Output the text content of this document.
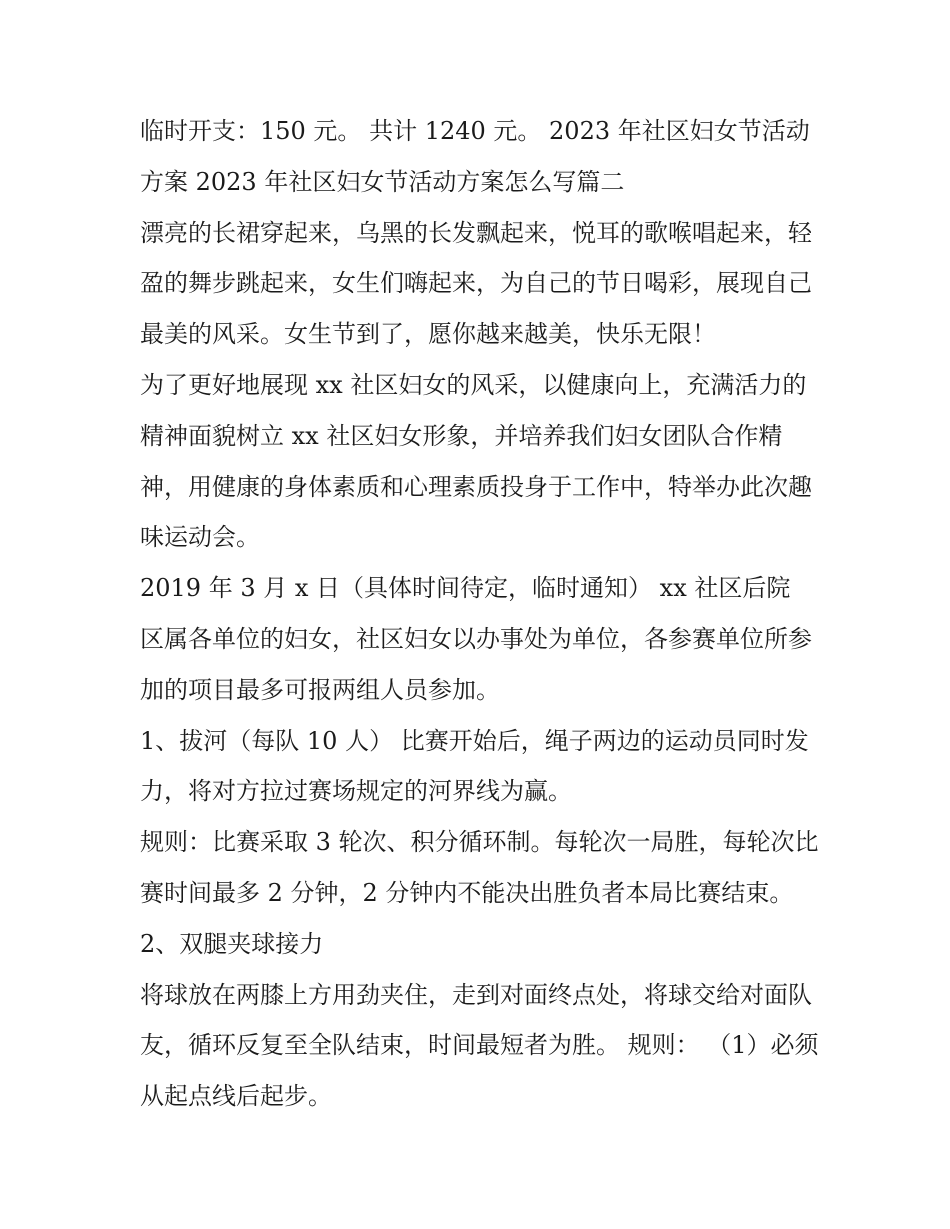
临时开支：150 元。 共计 1240 元。 2023 年社区妇女节活动方案 2023 年社区妇女节活动方案怎么写篇二

漂亮的长裙穿起来，乌黑的长发飘起来，悦耳的歌喉唱起来，轻盈的舞步跳起来，女生们嗨起来，为自己的节日喝彩，展现自己最美的风采。女生节到了，愿你越来越美，快乐无限！

为了更好地展现 xx 社区妇女的风采，以健康向上，充满活力的精神面貌树立 xx 社区妇女形象，并培养我们妇女团队合作精神，用健康的身体素质和心理素质投身于工作中，特举办此次趣味运动会。

2019 年 3 月 x 日（具体时间待定，临时通知） xx 社区后院 区属各单位的妇女，社区妇女以办事处为单位，各参赛单位所参加的项目最多可报两组人员参加。

1、拔河（每队 10 人） 比赛开始后，绳子两边的运动员同时发力，将对方拉过赛场规定的河界线为赢。

规则：比赛采取 3 轮次、积分循环制。每轮次一局胜，每轮次比赛时间最多 2 分钟，2 分钟内不能决出胜负者本局比赛结束。 2、双腿夹球接力

将球放在两膝上方用劲夹住，走到对面终点处，将球交给对面队友，循环反复至全队结束，时间最短者为胜。 规则： （1）必须从起点线后起步。
